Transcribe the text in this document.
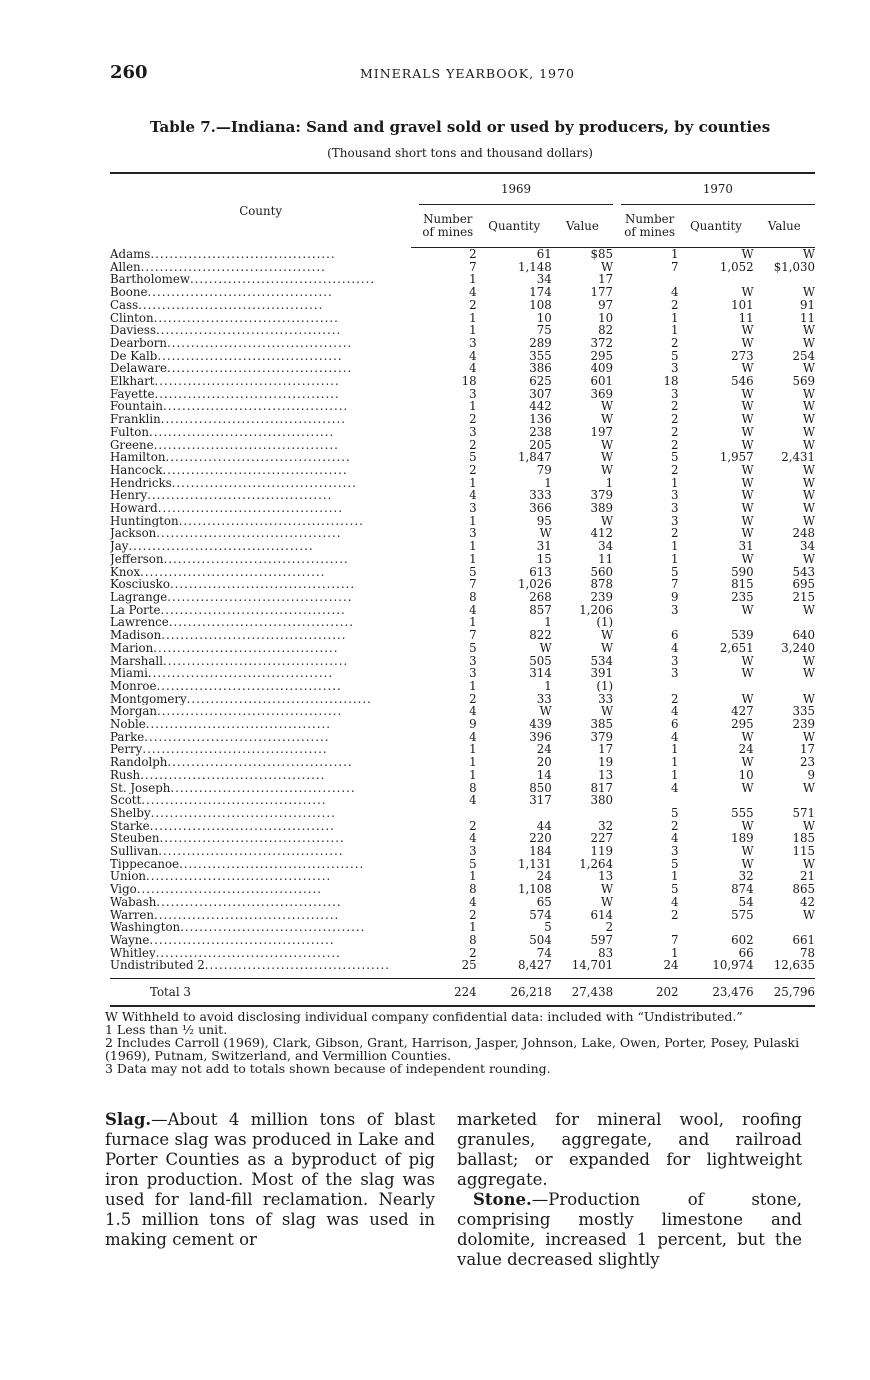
260	MINERALS YEARBOOK, 1970
Table 7.—Indiana: Sand and gravel sold or used by producers, by counties
(Thousand short tons and thousand dollars)
County		1969				1970		
		Number of mines	Quantity	Value		Number of mines	Quantity	Value
Adams.......................................		2	61	$85		1	W	W
Allen.......................................		7	1,148	W		7	1,052	$1,030
Bartholomew.......................................		1	34	17				
Boone.......................................		4	174	177		4	W	W
Cass.......................................		2	108	97		2	101	91
Clinton.......................................		1	10	10		1	11	11
Daviess.......................................		1	75	82		1	W	W
Dearborn.......................................		3	289	372		2	W	W
De Kalb.......................................		4	355	295		5	273	254
Delaware.......................................		4	386	409		3	W	W
Elkhart.......................................		18	625	601		18	546	569
Fayette.......................................		3	307	369		3	W	W
Fountain.......................................		1	442	W		2	W	W
Franklin.......................................		2	136	W		2	W	W
Fulton.......................................		3	238	197		2	W	W
Greene.......................................		2	205	W		2	W	W
Hamilton.......................................		5	1,847	W		5	1,957	2,431
Hancock.......................................		2	79	W		2	W	W
Hendricks.......................................		1	1	1		1	W	W
Henry.......................................		4	333	379		3	W	W
Howard.......................................		3	366	389		3	W	W
Huntington.......................................		1	95	W		3	W	W
Jackson.......................................		3	W	412		2	W	248
Jay.......................................		1	31	34		1	31	34
Jefferson.......................................		1	15	11		1	W	W
Knox.......................................		5	613	560		5	590	543
Kosciusko.......................................		7	1,026	878		7	815	695
Lagrange.......................................		8	268	239		9	235	215
La Porte.......................................		4	857	1,206		3	W	W
Lawrence.......................................		1	1	(1)				
Madison.......................................		7	822	W		6	539	640
Marion.......................................		5	W	W		4	2,651	3,240
Marshall.......................................		3	505	534		3	W	W
Miami.......................................		3	314	391		3	W	W
Monroe.......................................		1	1	(1)				
Montgomery.......................................		2	33	33		2	W	W
Morgan.......................................		4	W	W		4	427	335
Noble.......................................		9	439	385		6	295	239
Parke.......................................		4	396	379		4	W	W
Perry.......................................		1	24	17		1	24	17
Randolph.......................................		1	20	19		1	W	23
Rush.......................................		1	14	13		1	10	9
St. Joseph.......................................		8	850	817		4	W	W
Scott.......................................		4	317	380				
Shelby.......................................						5	555	571
Starke.......................................		2	44	32		2	W	W
Steuben.......................................		4	220	227		4	189	185
Sullivan.......................................		3	184	119		3	W	115
Tippecanoe.......................................		5	1,131	1,264		5	W	W
Union.......................................		1	24	13		1	32	21
Vigo.......................................		8	1,108	W		5	874	865
Wabash.......................................		4	65	W		4	54	42
Warren.......................................		2	574	614		2	575	W
Washington.......................................		1	5	2				
Wayne.......................................		8	504	597		7	602	661
Whitley.......................................		2	74	83		1	66	78
Undistributed 2.......................................		25	8,427	14,701		24	10,974	12,635

Total 3		224	26,218	27,438		202	23,476	25,796

W Withheld to avoid disclosing individual company confidential data: included with “Undistributed.”

1 Less than ½ unit.

2 Includes Carroll (1969), Clark, Gibson, Grant, Harrison, Jasper, Johnson, Lake, Owen, Porter, Posey, Pulaski (1969), Putnam, Switzerland, and Vermillion Counties.

3 Data may not add to totals shown because of independent rounding.

Slag.—About 4 million tons of blast furnace slag was produced in Lake and Porter Counties as a byproduct of pig iron production. Most of the slag was used for land-fill reclamation. Nearly 1.5 million tons of slag was used in making cement or

marketed for mineral wool, roofing granules, aggregate, and railroad ballast; or expanded for lightweight aggregate.

Stone.—Production of stone, comprising mostly limestone and dolomite, increased 1 percent, but the value decreased slightly
